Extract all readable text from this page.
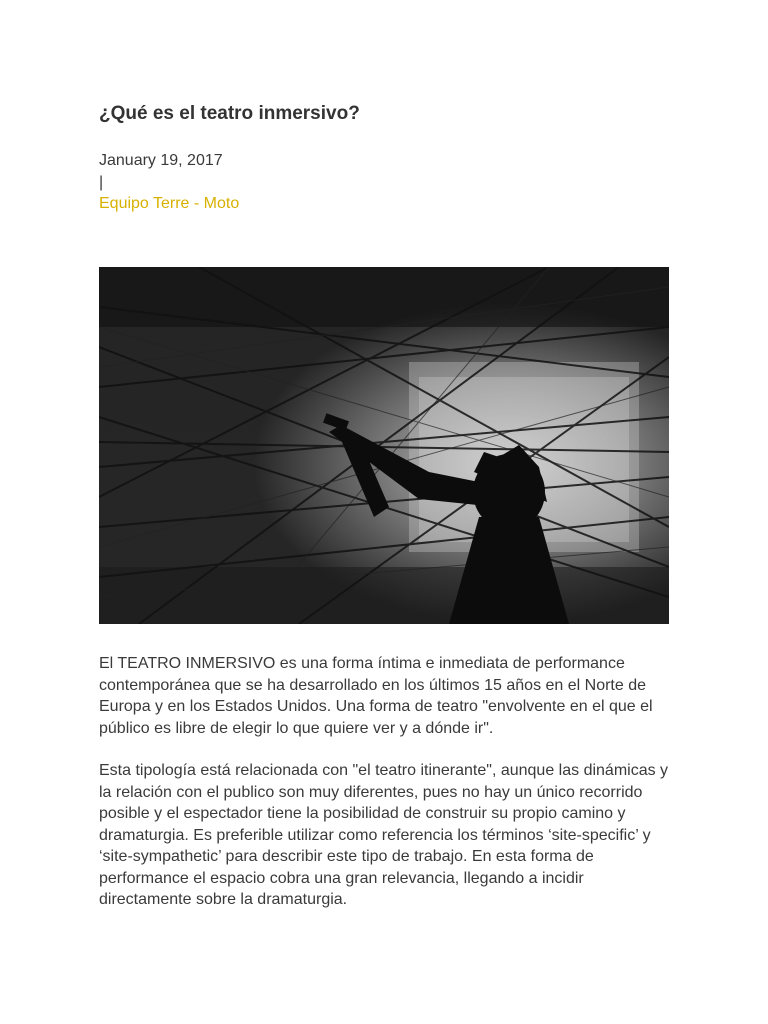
¿Qué es el teatro inmersivo?
January 19, 2017
|
Equipo Terre - Moto

El TEATRO INMERSIVO es una forma íntima e inmediata de performance contemporánea que se ha desarrollado en los últimos 15 años en el Norte de Europa y en los Estados Unidos. Una forma de teatro "envolvente en el que el público es libre de elegir lo que quiere ver y a dónde ir".

Esta tipología está relacionada con "el teatro itinerante", aunque las dinámicas y la relación con el publico son muy diferentes, pues no hay un único recorrido posible y el espectador tiene la posibilidad de construir su propio camino y dramaturgia. Es preferible utilizar como referencia los términos ‘site-specific’ y ‘site-sympathetic’ para describir este tipo de trabajo. En esta forma de performance el espacio cobra una gran relevancia, llegando a incidir directamente sobre la dramaturgia.
